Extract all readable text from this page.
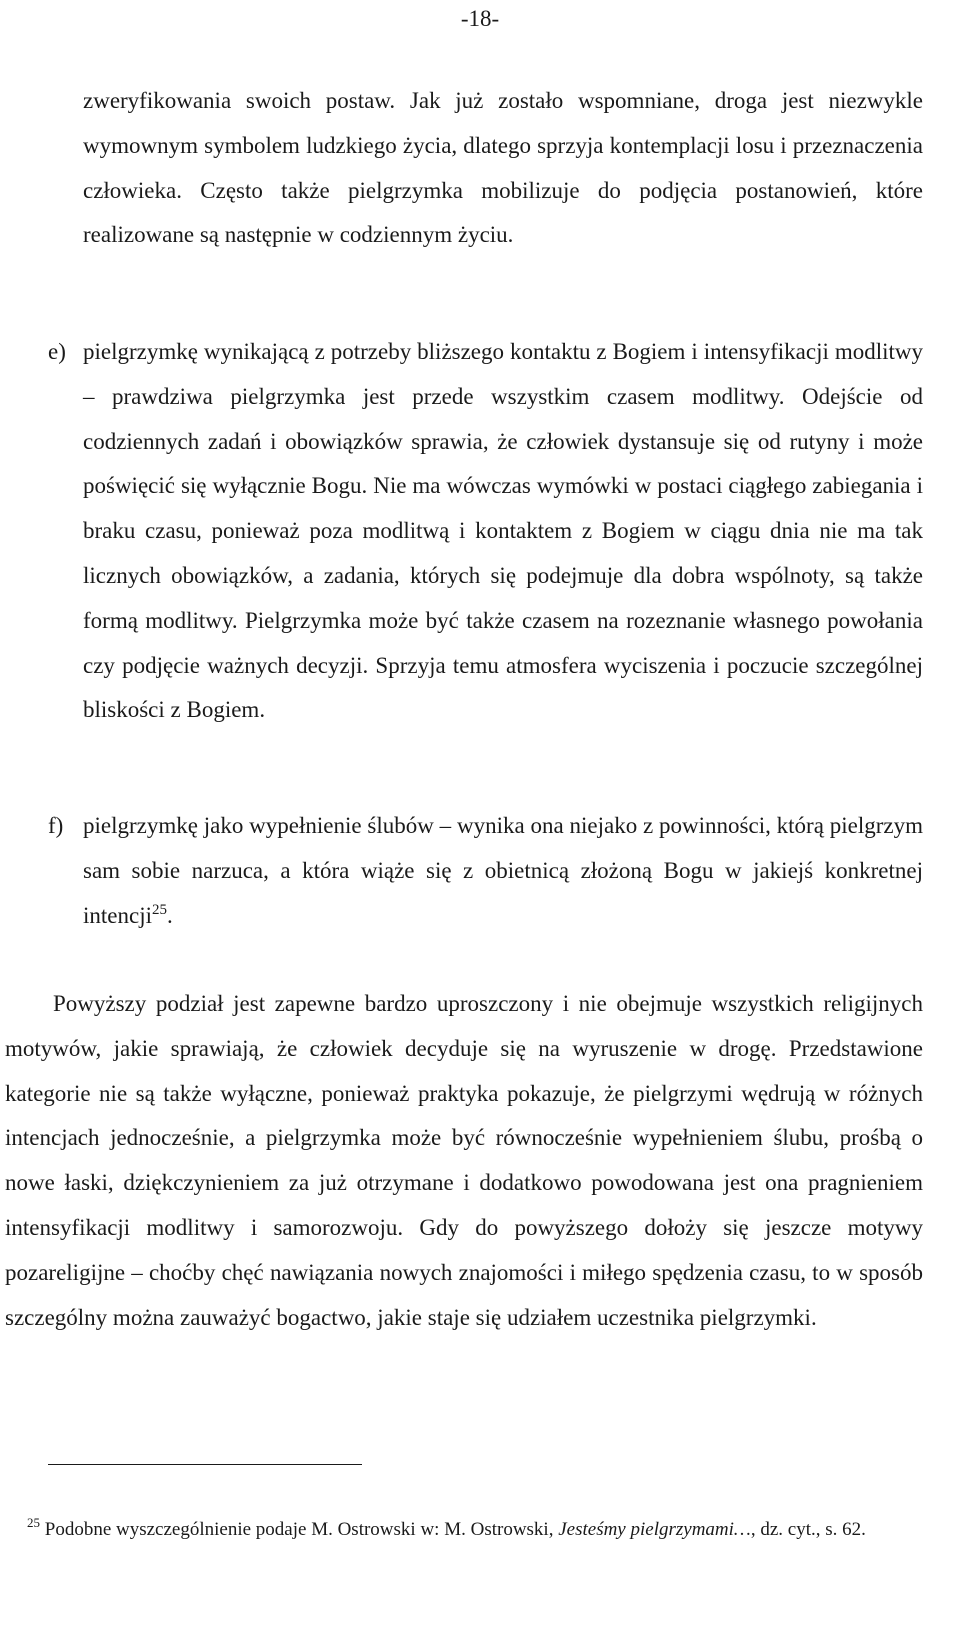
-18-

zweryfikowania swoich postaw. Jak już zostało wspomniane, droga jest niezwykle wymownym symbolem ludzkiego życia, dlatego sprzyja kontemplacji losu i przeznaczenia człowieka. Często także pielgrzymka mobilizuje do podjęcia postanowień, które realizowane są następnie w codziennym życiu.

e) pielgrzymkę wynikającą z potrzeby bliższego kontaktu z Bogiem i intensyfikacji modlitwy – prawdziwa pielgrzymka jest przede wszystkim czasem modlitwy. Odejście od codziennych zadań i obowiązków sprawia, że człowiek dystansuje się od rutyny i może poświęcić się wyłącznie Bogu. Nie ma wówczas wymówki w postaci ciągłego zabiegania i braku czasu, ponieważ poza modlitwą i kontaktem z Bogiem w ciągu dnia nie ma tak licznych obowiązków, a zadania, których się podejmuje dla dobra wspólnoty, są także formą modlitwy. Pielgrzymka może być także czasem na rozeznanie własnego powołania czy podjęcie ważnych decyzji. Sprzyja temu atmosfera wyciszenia i poczucie szczególnej bliskości z Bogiem.

f) pielgrzymkę jako wypełnienie ślubów – wynika ona niejako z powinności, którą pielgrzym sam sobie narzuca, a która wiąże się z obietnicą złożoną Bogu w jakiejś konkretnej intencji$^{25}$.

Powyższy podział jest zapewne bardzo uproszczony i nie obejmuje wszystkich religijnych motywów, jakie sprawiają, że człowiek decyduje się na wyruszenie w drogę. Przedstawione kategorie nie są także wyłączne, ponieważ praktyka pokazuje, że pielgrzymi wędrują w różnych intencjach jednocześnie, a pielgrzymka może być równocześnie wypełnieniem ślubu, prośbą o nowe łaski, dziękczynieniem za już otrzymane i dodatkowo powodowana jest ona pragnieniem intensyfikacji modlitwy i samorozwoju. Gdy do powyższego dołoży się jeszcze motywy pozareligijne – choćby chęć nawiązania nowych znajomości i miłego spędzenia czasu, to w sposób szczególny można zauważyć bogactwo, jakie staje się udziałem uczestnika pielgrzymki.

$^{25}$ Podobne wyszczególnienie podaje M. Ostrowski w: M. Ostrowski, Jesteśmy pielgrzymami…, dz. cyt., s. 62.
